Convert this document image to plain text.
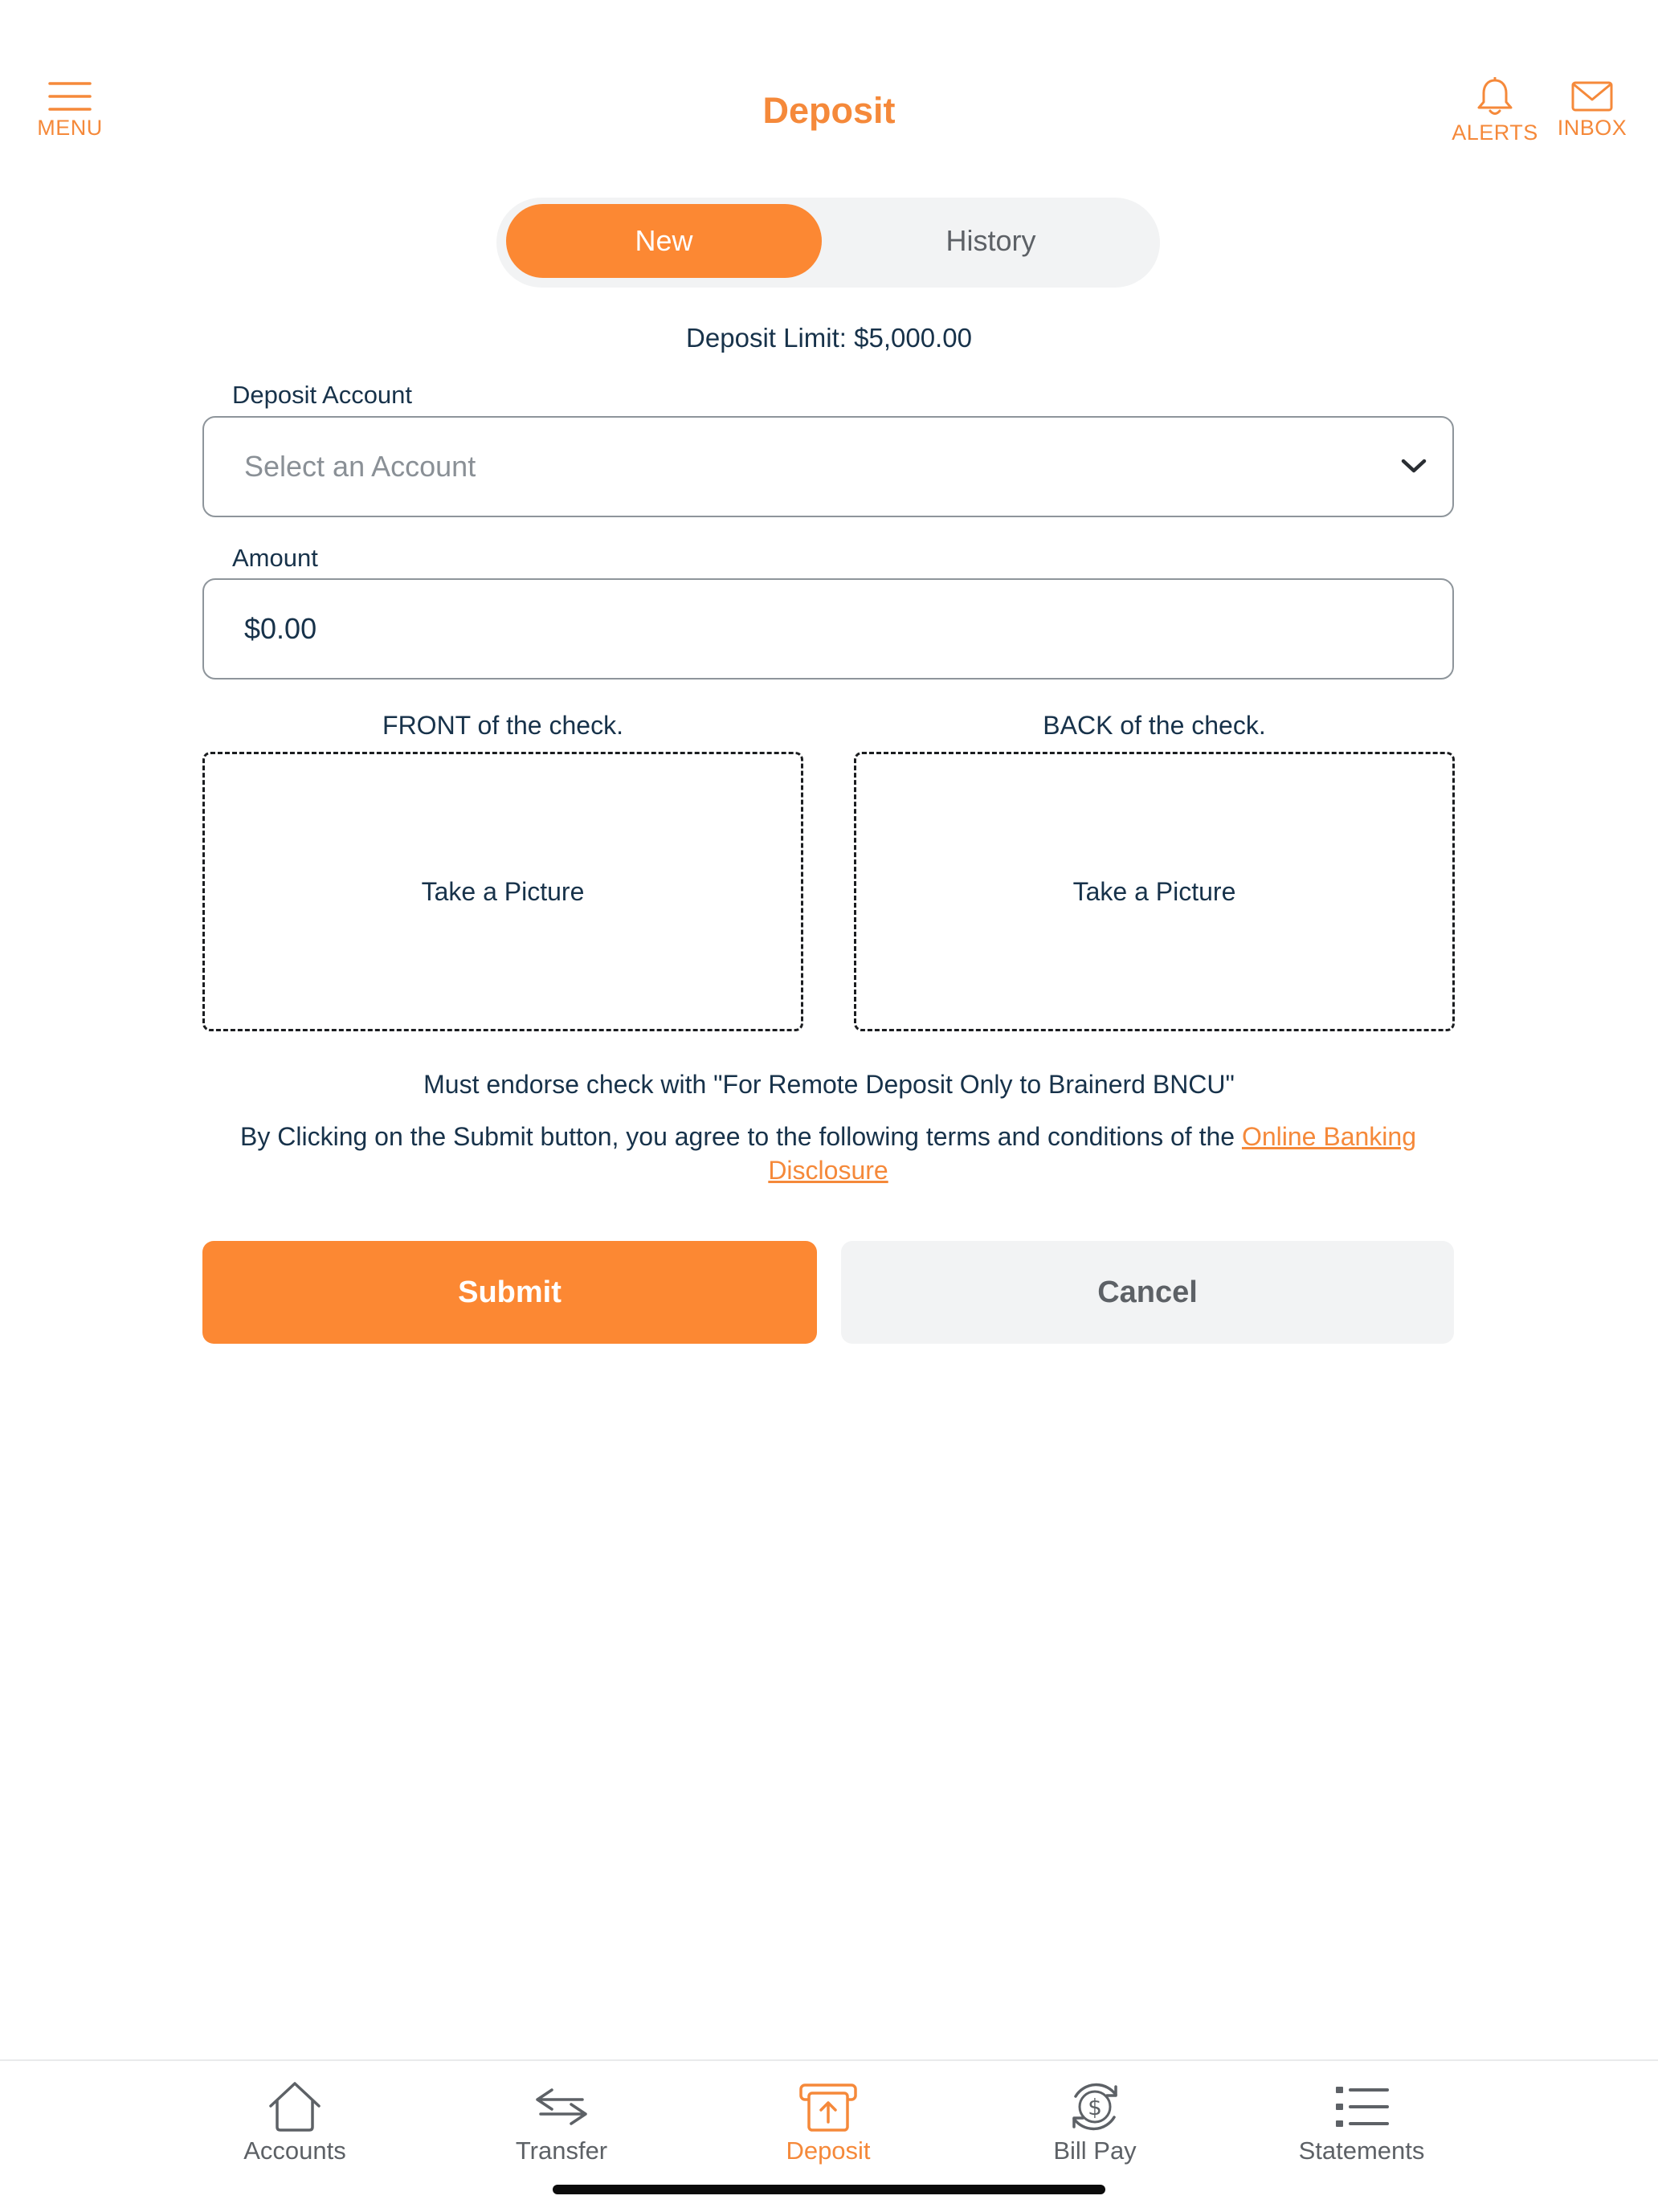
MENU	Deposit
ALERTS INBOX
New	History
Deposit Limit: $5,000.00
Deposit Account
Select an Account
Amount
$0.00
FRONT of the check.	BACK of the check.
Take a Picture	Take a Picture
Must endorse check with "For Remote Deposit Only to Brainerd BNCU"
By Clicking on the Submit button, you agree to the following terms and conditions of the Online Banking Disclosure
Submit	Cancel
Accounts	Transfer	Deposit
$
Bill Pay	Statements
